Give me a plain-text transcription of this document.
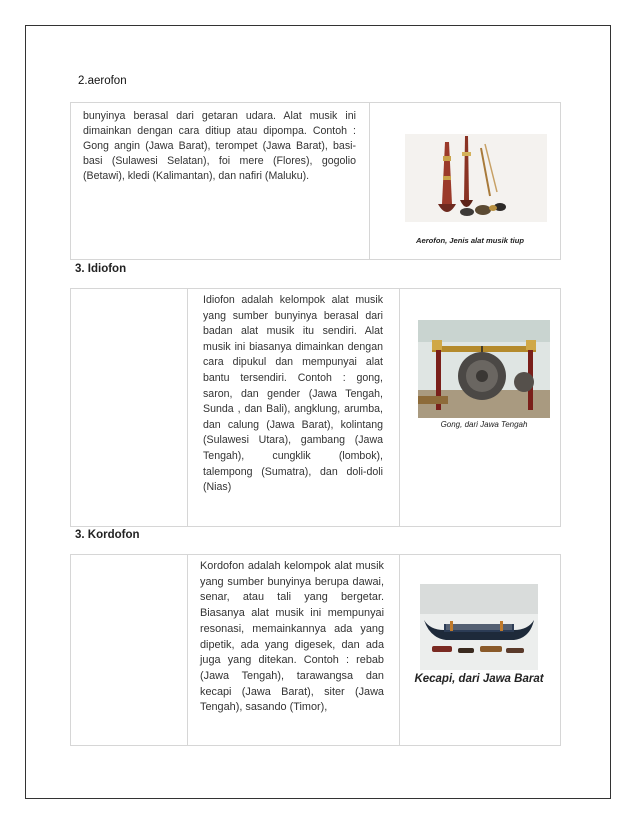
2.aerofon
bunyinya berasal dari getaran udara. Alat musik ini dimainkan dengan cara ditiup atau dipompa. Contoh : Gong angin (Jawa Barat), terompet (Jawa Barat), basi-basi (Sulawesi Selatan), foi mere (Flores), gogolio (Betawi), kledi (Kalimantan), dan nafiri (Maluku).
Aerofon, Jenis alat musik tiup
3. Idiofon
Idiofon adalah kelompok alat musik yang sumber bunyinya berasal dari badan alat musik itu sendiri. Alat musik ini biasanya dimainkan dengan cara dipukul dan mempunyai alat bantu tersendiri. Contoh : gong, saron, dan gender (Jawa Tengah, Sunda , dan Bali), angklung, arumba, dan calung (Jawa Barat), kolintang (Sulawesi Utara), gambang (Jawa Tengah), cungklik (lombok), talempong (Sumatra), dan doli-doli (Nias)
Gong, dari Jawa Tengah
3. Kordofon
Kordofon adalah kelompok alat musik yang sumber bunyinya berupa dawai, senar, atau tali yang bergetar. Biasanya alat musik ini mempunyai resonasi, memainkannya ada yang dipetik, ada yang digesek, dan ada juga yang ditekan. Contoh : rebab (Jawa Tengah), tarawangsa dan kecapi (Jawa Barat), siter (Jawa Tengah), sasando (Timor),
Kecapi, dari Jawa Barat
